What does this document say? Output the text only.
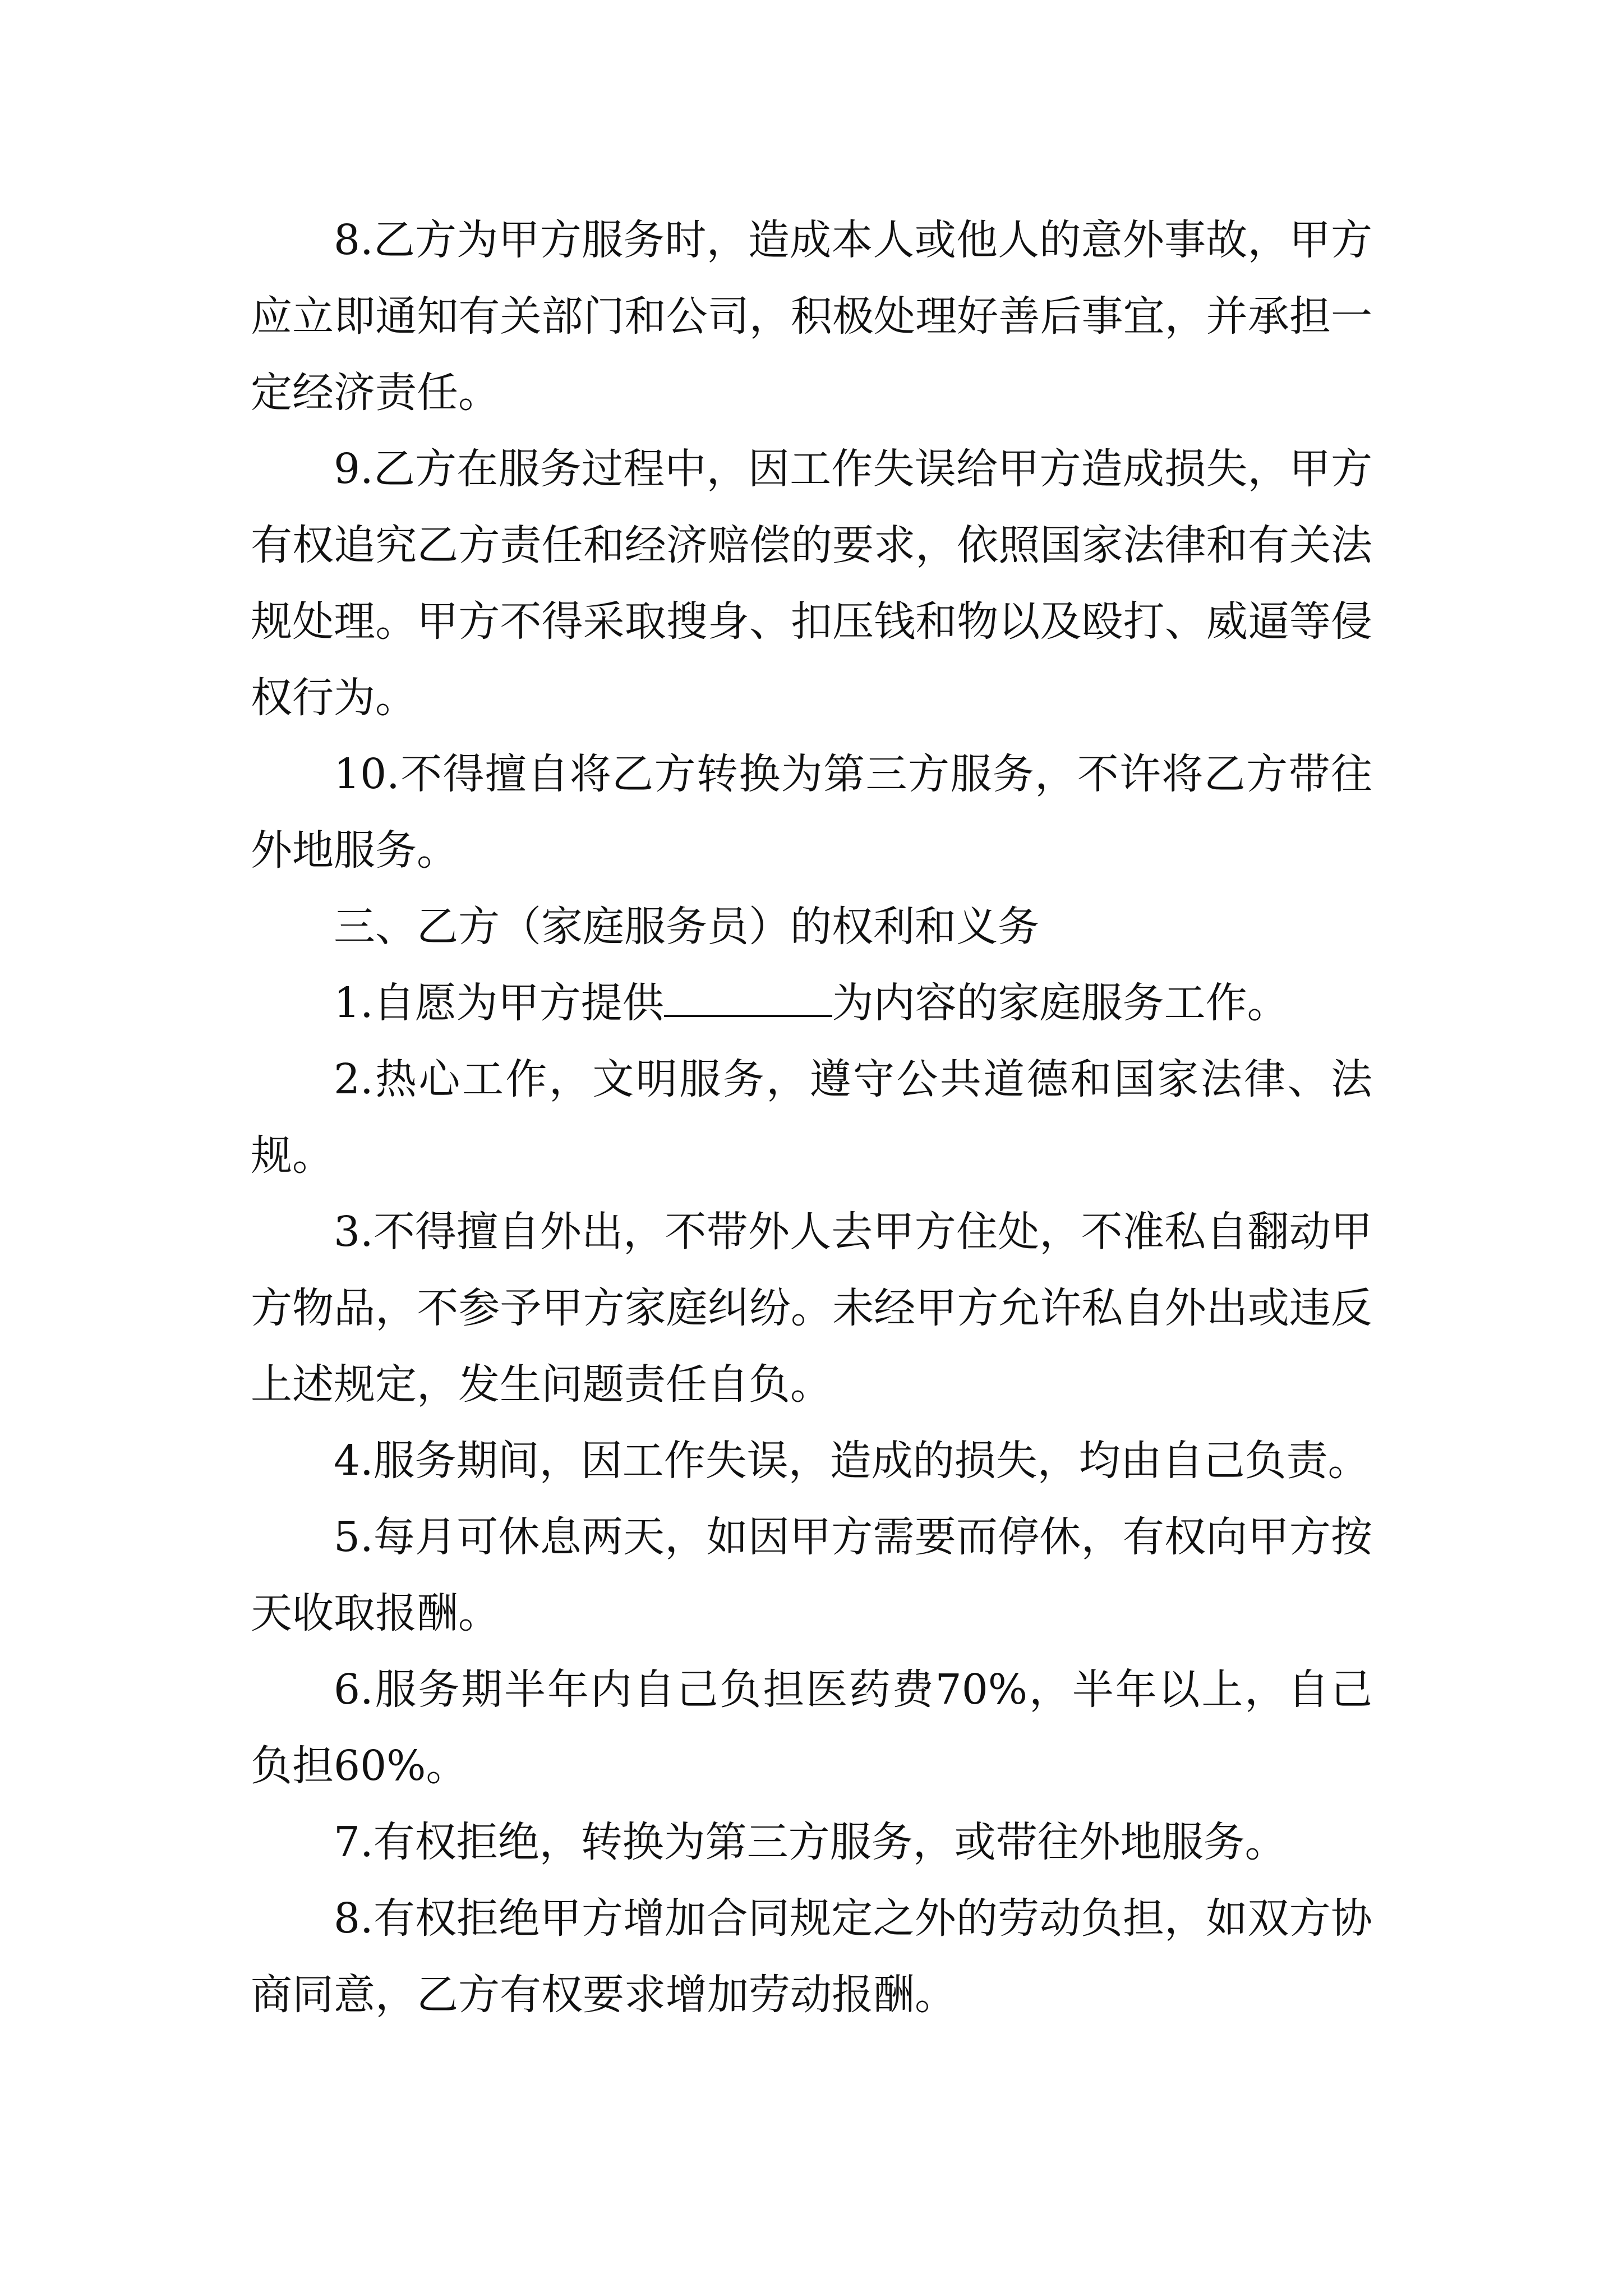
8.乙方为甲方服务时，造成本人或他人的意外事故，甲方应立即通知有关部门和公司，积极处理好善后事宜，并承担一定经济责任。

9.乙方在服务过程中，因工作失误给甲方造成损失，甲方有权追究乙方责任和经济赔偿的要求，依照国家法律和有关法规处理。甲方不得采取搜身、扣压钱和物以及殴打、威逼等侵权行为。

10.不得擅自将乙方转换为第三方服务，不许将乙方带往外地服务。

三、乙方（家庭服务员）的权利和义务

1.自愿为甲方提供	为内容的家庭服务工作。

2.热心工作，文明服务，遵守公共道德和国家法律、法规。

3.不得擅自外出，不带外人去甲方住处，不准私自翻动甲方物品，不参予甲方家庭纠纷。未经甲方允许私自外出或违反上述规定，发生问题责任自负。

4.服务期间，因工作失误，造成的损失，均由自己负责。

5.每月可休息两天，如因甲方需要而停休，有权向甲方按天收取报酬。

6.服务期半年内自己负担医药费70%，半年以上，自己负担60%。

7.有权拒绝，转换为第三方服务，或带往外地服务。

8.有权拒绝甲方增加合同规定之外的劳动负担，如双方协商同意，乙方有权要求增加劳动报酬。
